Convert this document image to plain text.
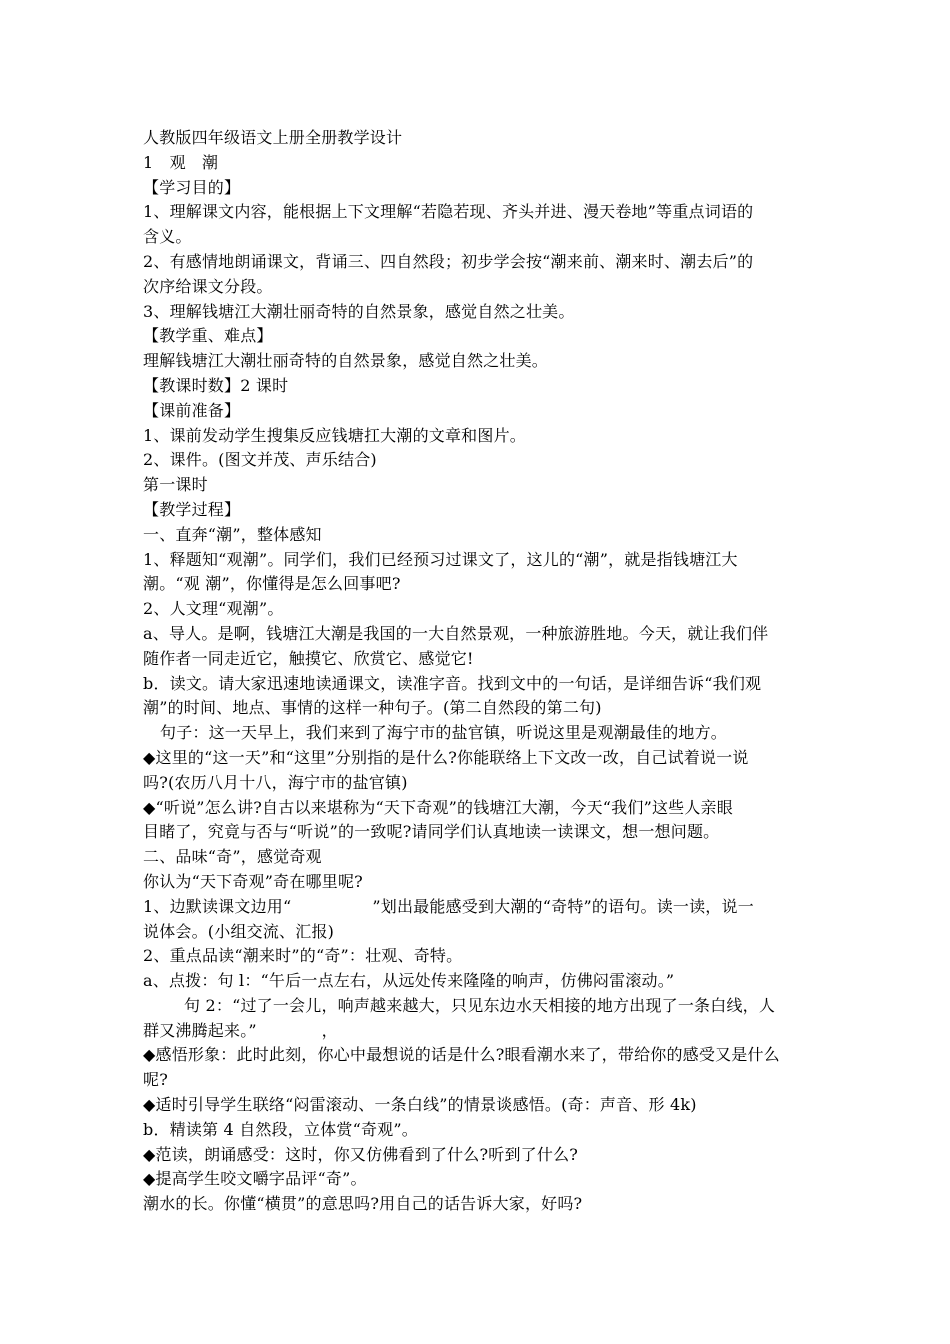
人教版四年级语文上册全册教学设计
1　观　潮
【学习目的】
1、理解课文内容，能根据上下文理解“若隐若现、齐头并进、漫天卷地”等重点词语的
含义。
2、有感情地朗诵课文，背诵三、四自然段；初步学会按“潮来前、潮来时、潮去后”的
次序给课文分段。
3、理解钱塘江大潮壮丽奇特的自然景象，感觉自然之壮美。
【教学重、难点】
理解钱塘江大潮壮丽奇特的自然景象，感觉自然之壮美。
【教课时数】2 课时
【课前准备】
1、课前发动学生搜集反应钱塘扛大潮的文章和图片。
2、课件。(图文并茂、声乐结合)
第一课时
【教学过程】
一、直奔“潮”，整体感知
1、释题知“观潮”。同学们，我们已经预习过课文了，这儿的“潮”，就是指钱塘江大
潮。“观 潮”，你懂得是怎么回事吧?
2、人文理“观潮”。
a、导人。是啊，钱塘江大潮是我国的一大自然景观，一种旅游胜地。今天，就让我们伴
随作者一同走近它，触摸它、欣赏它、感觉它!
b．读文。请大家迅速地读通课文，读准字音。找到文中的一句话，是详细告诉“我们观
潮”的时间、地点、事情的这样一种句子。(第二自然段的第二句)
句子：这一天早上，我们来到了海宁市的盐官镇，听说这里是观潮最佳的地方。
◆这里的“这一天”和“这里”分别指的是什么?你能联络上下文改一改，自己试着说一说
吗?(农历八月十八，海宁市的盐官镇)
◆“听说”怎么讲?自古以来堪称为“天下奇观”的钱塘江大潮，今天“我们”这些人亲眼
目睹了，究竟与否与“听说”的一致呢?请同学们认真地读一读课文，想一想问题。
二、品味“奇”，感觉奇观
你认为“天下奇观”奇在哪里呢?
1、边默读课文边用“　　　　　”划出最能感受到大潮的“奇特”的语句。读一读，说一
说体会。(小组交流、汇报)
2、重点品读“潮来时”的“奇”：壮观、奇特。
a、点拨：句 l：“午后一点左右，从远处传来隆隆的响声，仿佛闷雷滚动。”
句 2：“过了一会儿，响声越来越大，只见东边水天相接的地方出现了一条白线，人
群又沸腾起来。”　　　　，
◆感悟形象：此时此刻，你心中最想说的话是什么?眼看潮水来了，带给你的感受又是什么
呢?
◆适时引导学生联络“闷雷滚动、一条白线”的情景谈感悟。(奇：声音、形 4k)
b．精读第 4 自然段，立体赏“奇观”。
◆范读，朗诵感受：这时，你又仿佛看到了什么?听到了什么?
◆提高学生咬文嚼字品评“奇”。
潮水的长。你懂“横贯”的意思吗?用自己的话告诉大家，好吗?
